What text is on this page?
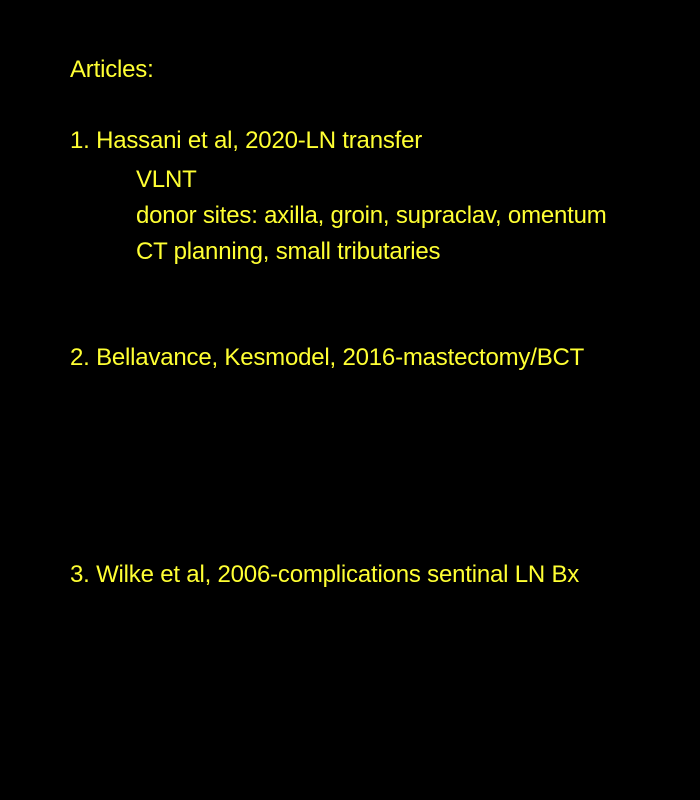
Articles:
1. Hassani et al, 2020-LN transfer
VLNT
donor sites: axilla, groin, supraclav, omentum
CT planning, small tributaries
2. Bellavance, Kesmodel, 2016-mastectomy/BCT
3. Wilke et al, 2006-complications sentinal LN Bx
